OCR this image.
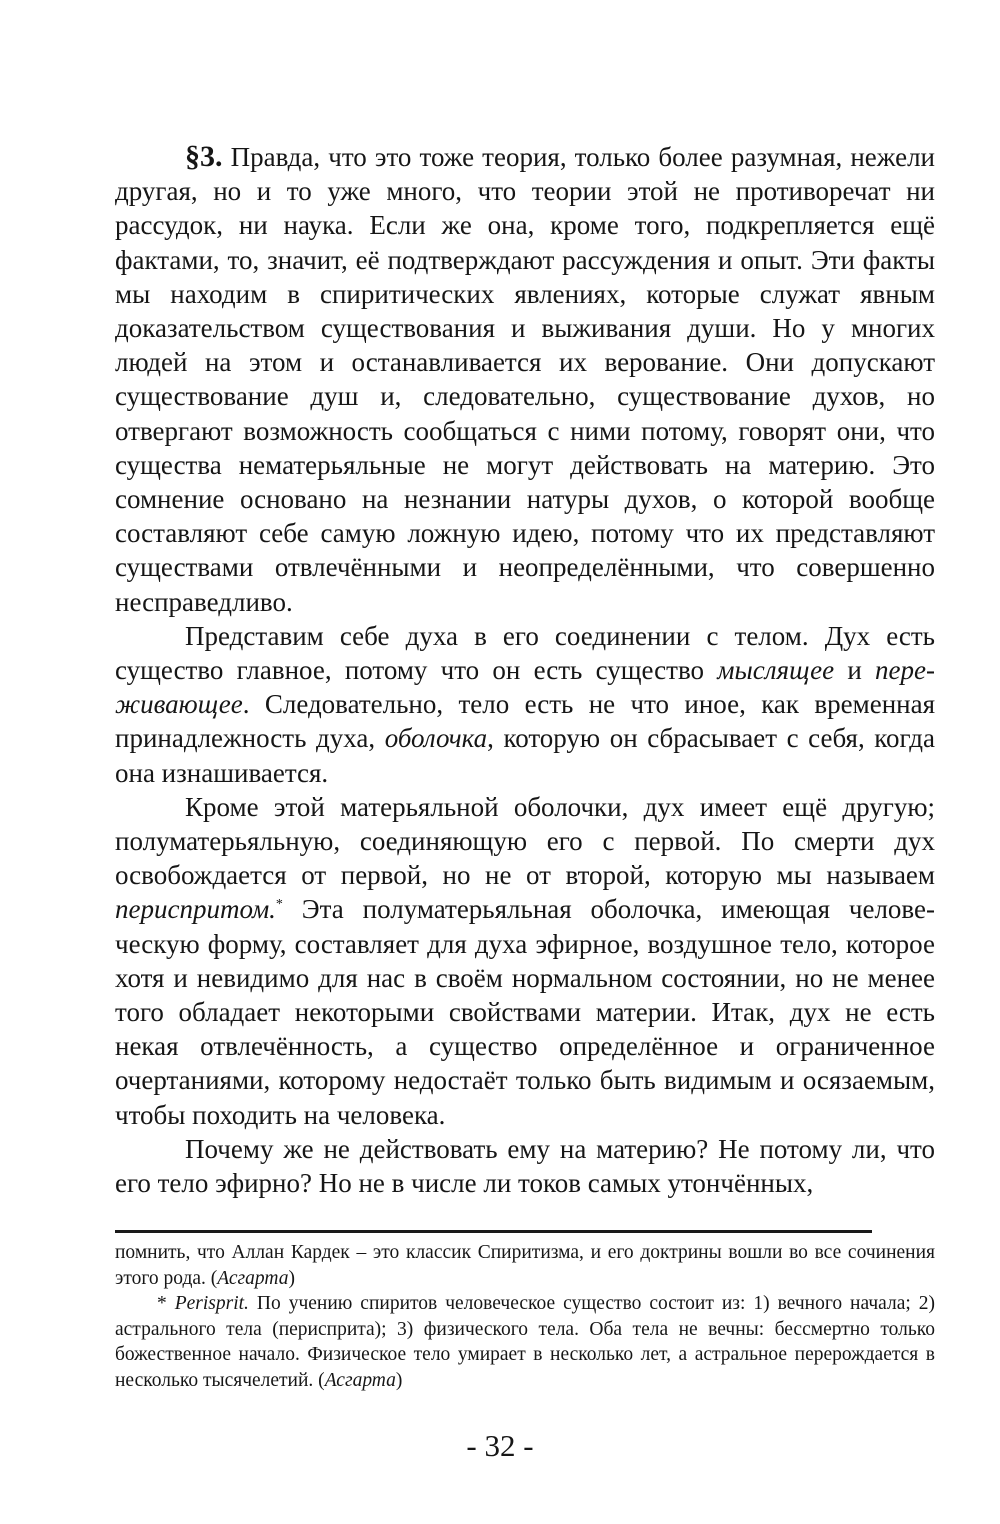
§3. Правда, что это тоже теория, только более разумная, нежели другая, но и то уже много, что теории этой не противоречат ни рассудок, ни наука. Если же она, кроме того, подкрепляется ещё фактами, то, значит, её подтверждают рассуждения и опыт. Эти факты мы находим в спиритических явлениях, которые служат явным доказательством существования и выживания души. Но у многих людей на этом и останавливается их верование. Они допускают существование душ и, следовательно, существование духов, но отвергают возможность сообщаться с ними потому, говорят они, что существа нематерьяльные не могут действовать на материю. Это сомнение основано на незнании натуры духов, о которой вообще составляют себе самую ложную идею, потому что их представляют существами отвлечёнными и неопределёнными, что совершенно несправедливо.

Представим себе духа в его соединении с телом. Дух есть существо главное, потому что он есть существо мыслящее и переживающее. Следовательно, тело есть не что иное, как временная принадлежность духа, оболочка, которую он сбрасывает с себя, когда она изнашивается.

Кроме этой матерьяльной оболочки, дух имеет ещё другую; полуматерьяльную, соединяющую его с первой. По смерти дух освобождается от первой, но не от второй, которую мы называем периспритом.* Эта полуматерьяльная оболочка, имеющая человеческую форму, составляет для духа эфирное, воздушное тело, которое хотя и невидимо для нас в своём нормальном состоянии, но не менее того обладает некоторыми свойствами материи. Итак, дух не есть некая отвлечённость, а существо определённое и ограниченное очертаниями, которому недостаёт только быть видимым и осязаемым, чтобы походить на человека.

Почему же не действовать ему на материю? Не потому ли, что его тело эфирно? Но не в числе ли токов самых утончённых,

помнить, что Аллан Кардек – это классик Спиритизма, и его доктрины вошли во все сочинения этого рода. (Асгарта)

* Perisprit. По учению спиритов человеческое существо состоит из: 1) вечного начала; 2) астрального тела (перисприта); 3) физического тела. Оба тела не вечны: бессмертно только божественное начало. Физическое тело умирает в несколько лет, а астральное перерождается в несколько тысячелетий. (Асгарта)

- 32 -
